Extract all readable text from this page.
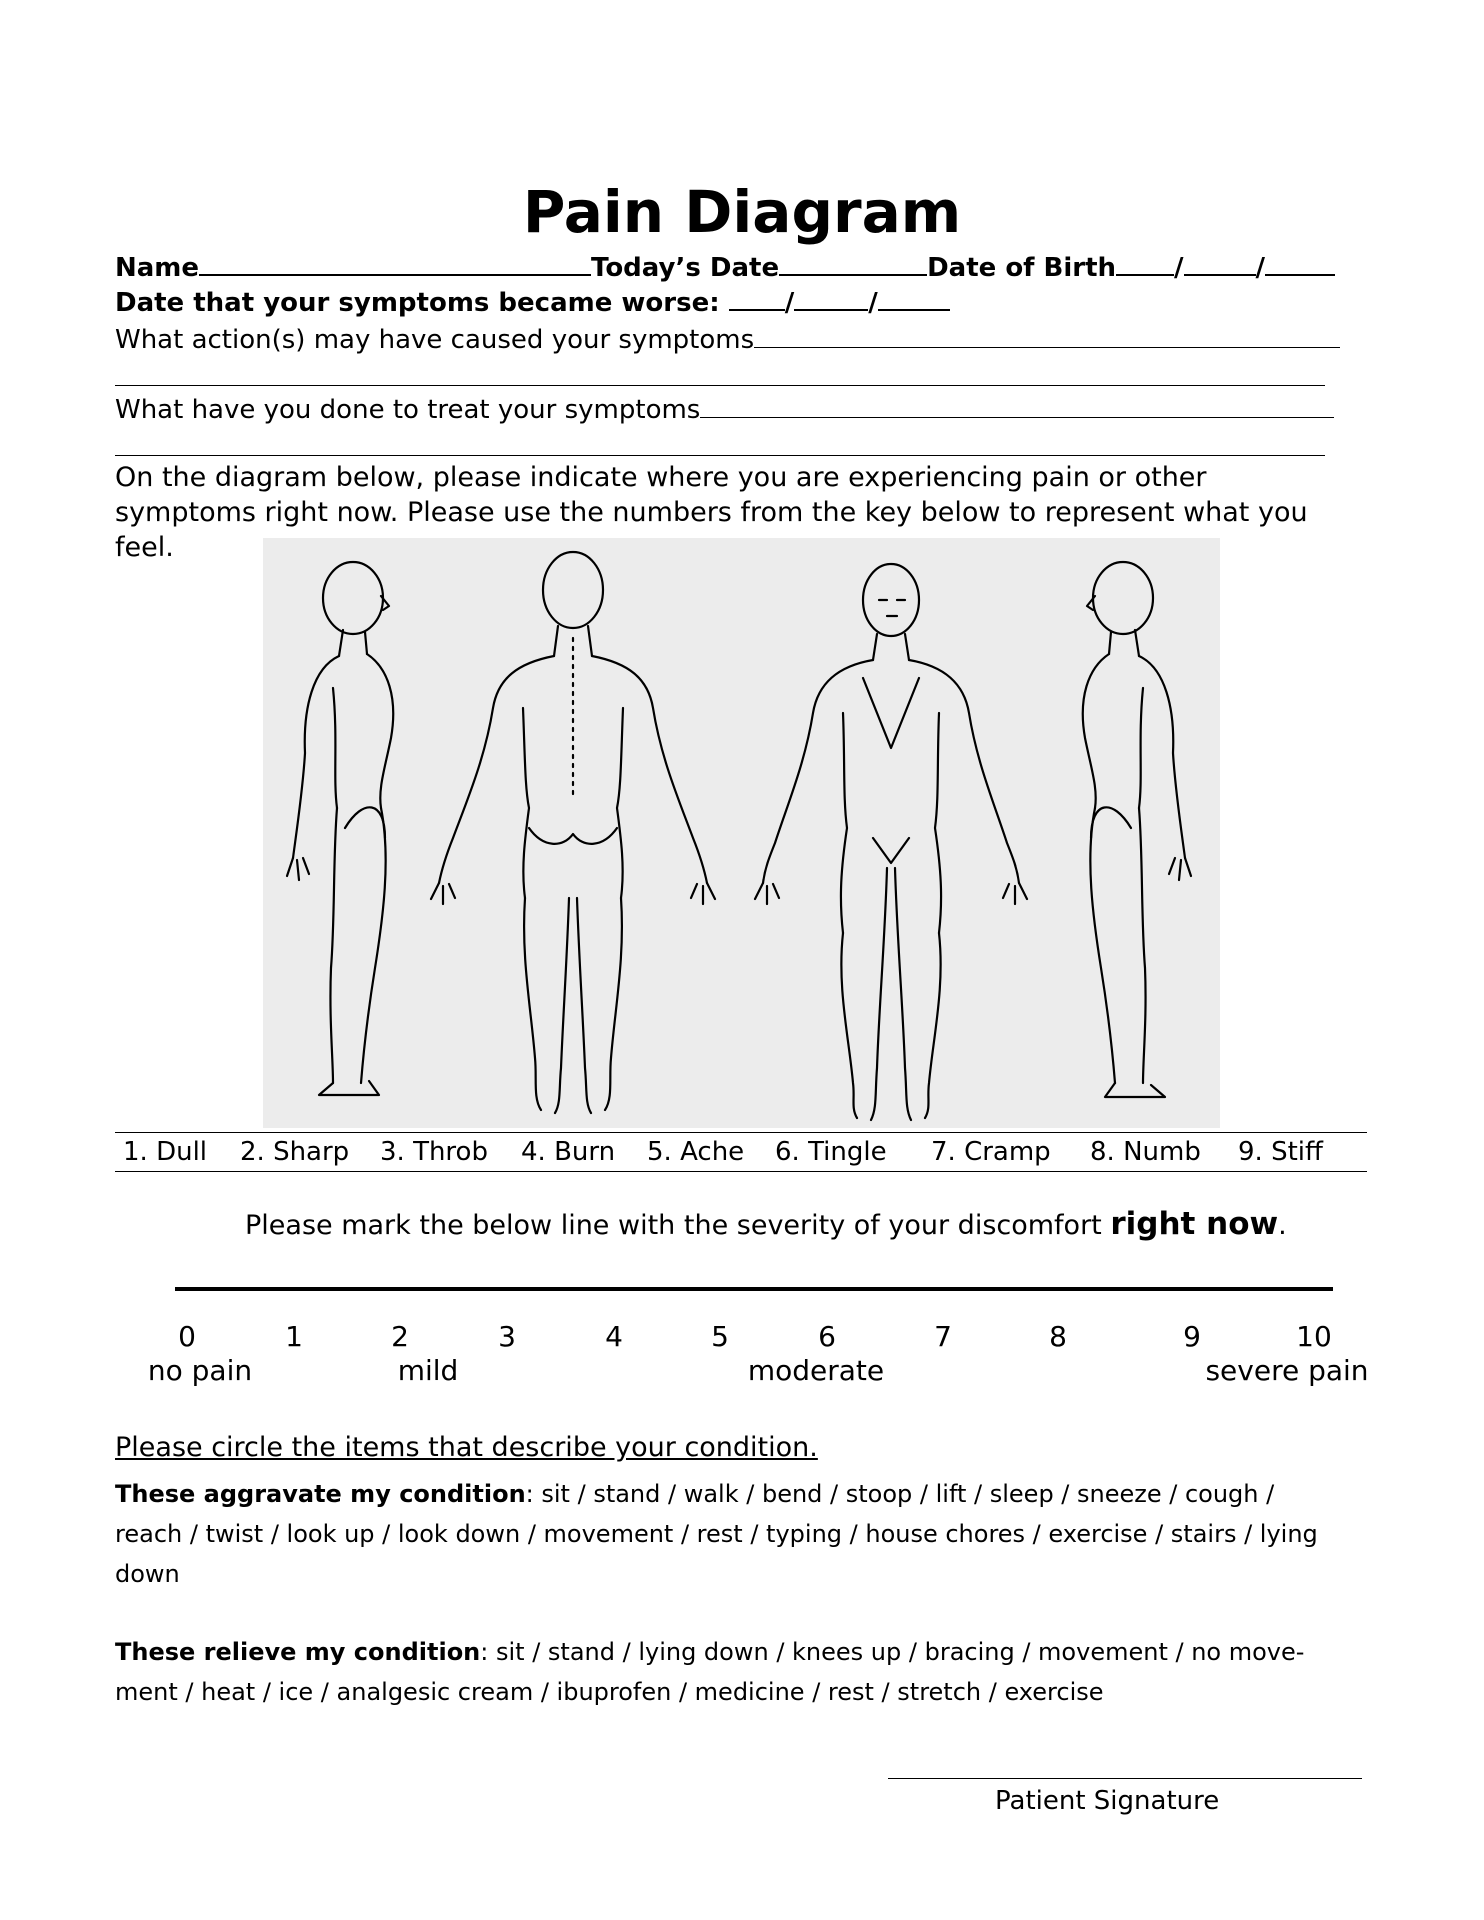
Pain Diagram
Name	Today’s Date	Date of Birth /	/
Date that your symptoms became worse:	/	/
What action(s) may have caused your symptoms
What have you done to treat your symptoms
On the diagram below, please indicate where you are experiencing pain or other symptoms right now. Please use the numbers from the key below to represent what you feel.
1. Dull 2. Sharp 3. Throb 4. Burn 5. Ache 6. Tingle 7. Cramp 8. Numb 9. Stiff
Please mark the below line with the severity of your discomfort right now.
0	1	2	3	4	5	6	7	8	9	10
no pain	mild	moderate	severe pain
Please circle the items that describe your condition.
These aggravate my condition: sit / stand / walk / bend / stoop / lift / sleep / sneeze / cough / reach / twist / look up / look down / movement / rest / typing / house chores / exercise / stairs / lying down
These relieve my condition: sit / stand / lying down / knees up / bracing / movement / no move- ment / heat / ice / analgesic cream / ibuprofen / medicine / rest / stretch / exercise
Patient Signature
